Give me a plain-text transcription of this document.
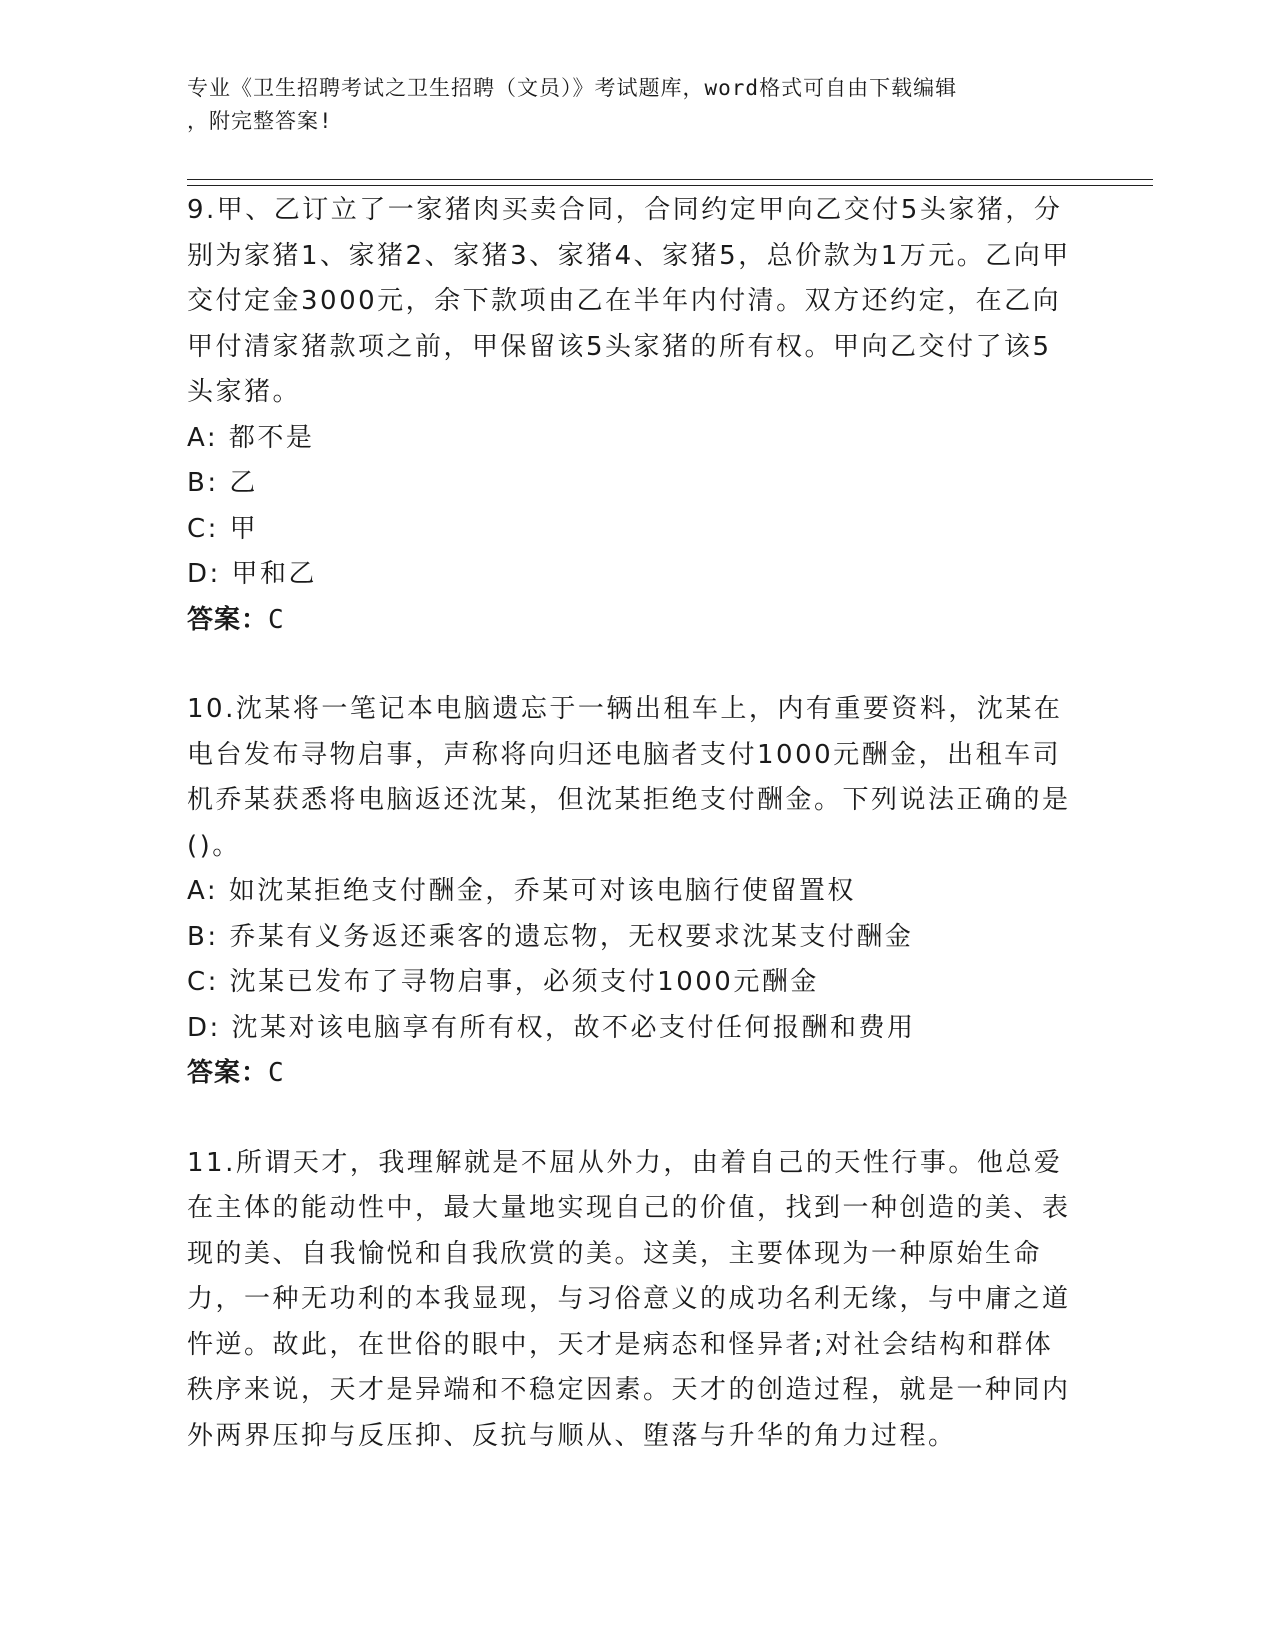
专业《卫生招聘考试之卫生招聘（文员）》考试题库，word格式可自由下载编辑
，附完整答案!

9.甲、乙订立了一家猪肉买卖合同，合同约定甲向乙交付5头家猪，分别为家猪1、家猪2、家猪3、家猪4、家猪5，总价款为1万元。乙向甲交付定金3000元，余下款项由乙在半年内付清。双方还约定，在乙向甲付清家猪款项之前，甲保留该5头家猪的所有权。甲向乙交付了该5头家猪。

A: 都不是

B: 乙

C: 甲

D: 甲和乙

答案：C

10.沈某将一笔记本电脑遗忘于一辆出租车上，内有重要资料，沈某在电台发布寻物启事，声称将向归还电脑者支付1000元酬金，出租车司机乔某获悉将电脑返还沈某，但沈某拒绝支付酬金。下列说法正确的是()。

A: 如沈某拒绝支付酬金，乔某可对该电脑行使留置权

B: 乔某有义务返还乘客的遗忘物，无权要求沈某支付酬金

C: 沈某已发布了寻物启事，必须支付1000元酬金

D: 沈某对该电脑享有所有权，故不必支付任何报酬和费用

答案：C

11.所谓天才，我理解就是不屈从外力，由着自己的天性行事。他总爱在主体的能动性中，最大量地实现自己的价值，找到一种创造的美、表现的美、自我愉悦和自我欣赏的美。这美，主要体现为一种原始生命力，一种无功利的本我显现，与习俗意义的成功名利无缘，与中庸之道忤逆。故此，在世俗的眼中，天才是病态和怪异者;对社会结构和群体秩序来说，天才是异端和不稳定因素。天才的创造过程，就是一种同内外两界压抑与反压抑、反抗与顺从、堕落与升华的角力过程。
